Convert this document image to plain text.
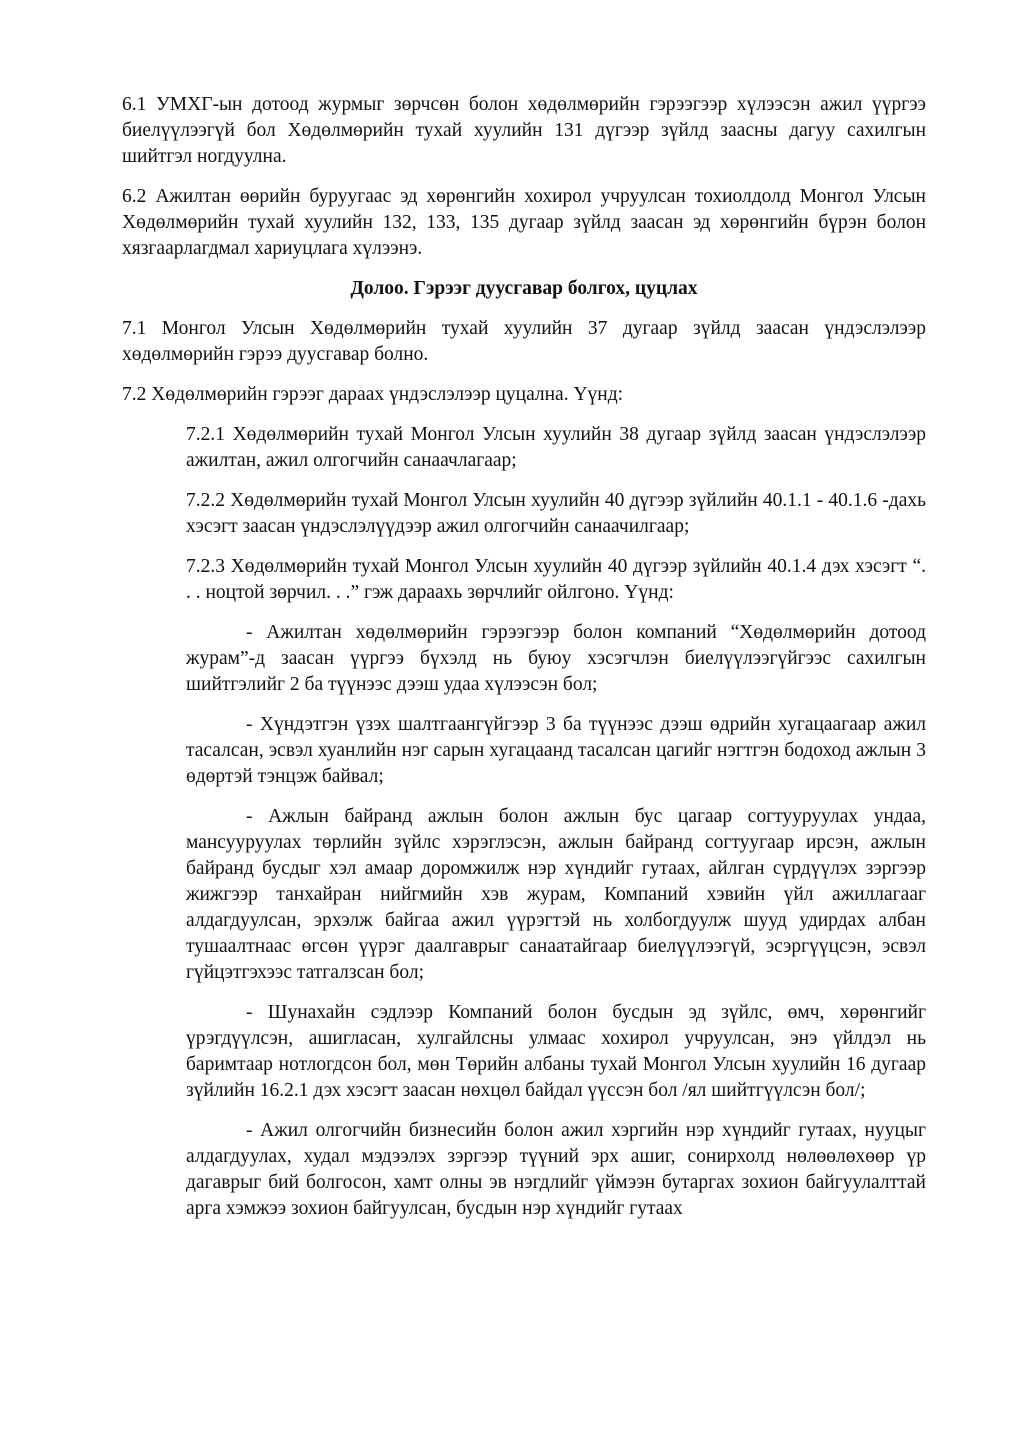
6.1 УМХГ-ын дотоод журмыг зөрчсөн болон хөдөлмөрийн гэрээгээр хүлээсэн ажил үүргээ биелүүлээгүй бол Хөдөлмөрийн тухай хуулийн 131 дүгээр зүйлд заасны дагуу сахилгын шийтгэл ногдуулна.

6.2 Ажилтан өөрийн буруугаас эд хөрөнгийн хохирол учруулсан тохиолдолд Монгол Улсын Хөдөлмөрийн тухай хуулийн 132, 133, 135 дугаар зүйлд заасан эд хөрөнгийн бүрэн болон хязгаарлагдмал хариуцлага хүлээнэ.

Долоо. Гэрээг дуусгавар болгох, цуцлах

7.1 Монгол Улсын Хөдөлмөрийн тухай хуулийн 37 дугаар зүйлд заасан үндэслэлээр хөдөлмөрийн гэрээ дуусгавар болно.

7.2 Хөдөлмөрийн гэрээг дараах үндэслэлээр цуцална. Үүнд:

7.2.1 Хөдөлмөрийн тухай Монгол Улсын хуулийн 38 дугаар зүйлд заасан үндэслэлээр ажилтан, ажил олгогчийн санаачлагаар;

7.2.2 Хөдөлмөрийн тухай Монгол Улсын хуулийн 40 дүгээр зүйлийн 40.1.1 - 40.1.6 -дахь хэсэгт заасан үндэслэлүүдээр ажил олгогчийн санаачилгаар;

7.2.3 Хөдөлмөрийн тухай Монгол Улсын хуулийн 40 дүгээр зүйлийн 40.1.4 дэх хэсэгт “. . . ноцтой зөрчил. . .” гэж дараахь зөрчлийг ойлгоно. Үүнд:

- Ажилтан хөдөлмөрийн гэрээгээр болон компаний “Хөдөлмөрийн дотоод журам”-д заасан үүргээ бүхэлд нь буюу хэсэгчлэн биелүүлээгүйгээс сахилгын шийтгэлийг 2 ба түүнээс дээш удаа хүлээсэн бол;

- Хүндэтгэн үзэх шалтгаангүйгээр 3 ба түүнээс дээш өдрийн хугацаагаар ажил тасалсан, эсвэл хуанлийн нэг сарын хугацаанд тасалсан цагийг нэгтгэн бодоход ажлын 3 өдөртэй тэнцэж байвал;

- Ажлын байранд ажлын болон ажлын бус цагаар согтууруулах ундаа, мансууруулах төрлийн зүйлс хэрэглэсэн, ажлын байранд согтуугаар ирсэн, ажлын байранд бусдыг хэл амаар доромжилж нэр хүндийг гутаах, айлган сүрдүүлэх зэргээр жижгээр танхайран нийгмийн хэв журам, Компаний хэвийн үйл ажиллагааг алдагдуулсан, эрхэлж байгаа ажил үүрэгтэй нь холбогдуулж шууд удирдах албан тушаалтнаас өгсөн үүрэг даалгаврыг санаатайгаар биелүүлээгүй, эсэргүүцсэн, эсвэл гүйцэтгэхээс татгалзсан бол;

- Шунахайн сэдлээр Компаний болон бусдын эд зүйлс, өмч, хөрөнгийг үрэгдүүлсэн, ашигласан, хулгайлсны улмаас хохирол учруулсан, энэ үйлдэл нь баримтаар нотлогдсон бол, мөн Төрийн албаны тухай Монгол Улсын хуулийн 16 дугаар зүйлийн 16.2.1 дэх хэсэгт заасан нөхцөл байдал үүссэн бол /ял шийтгүүлсэн бол/;

- Ажил олгогчийн бизнесийн болон ажил хэргийн нэр хүндийг гутаах, нууцыг алдагдуулах, худал мэдээлэх зэргээр түүний эрх ашиг, сонирхолд нөлөөлөхөөр үр дагаврыг бий болгосон, хамт олны эв нэгдлийг үймээн бутаргах зохион байгуулалттай арга хэмжээ зохион байгуулсан, бусдын нэр хүндийг гутаах
